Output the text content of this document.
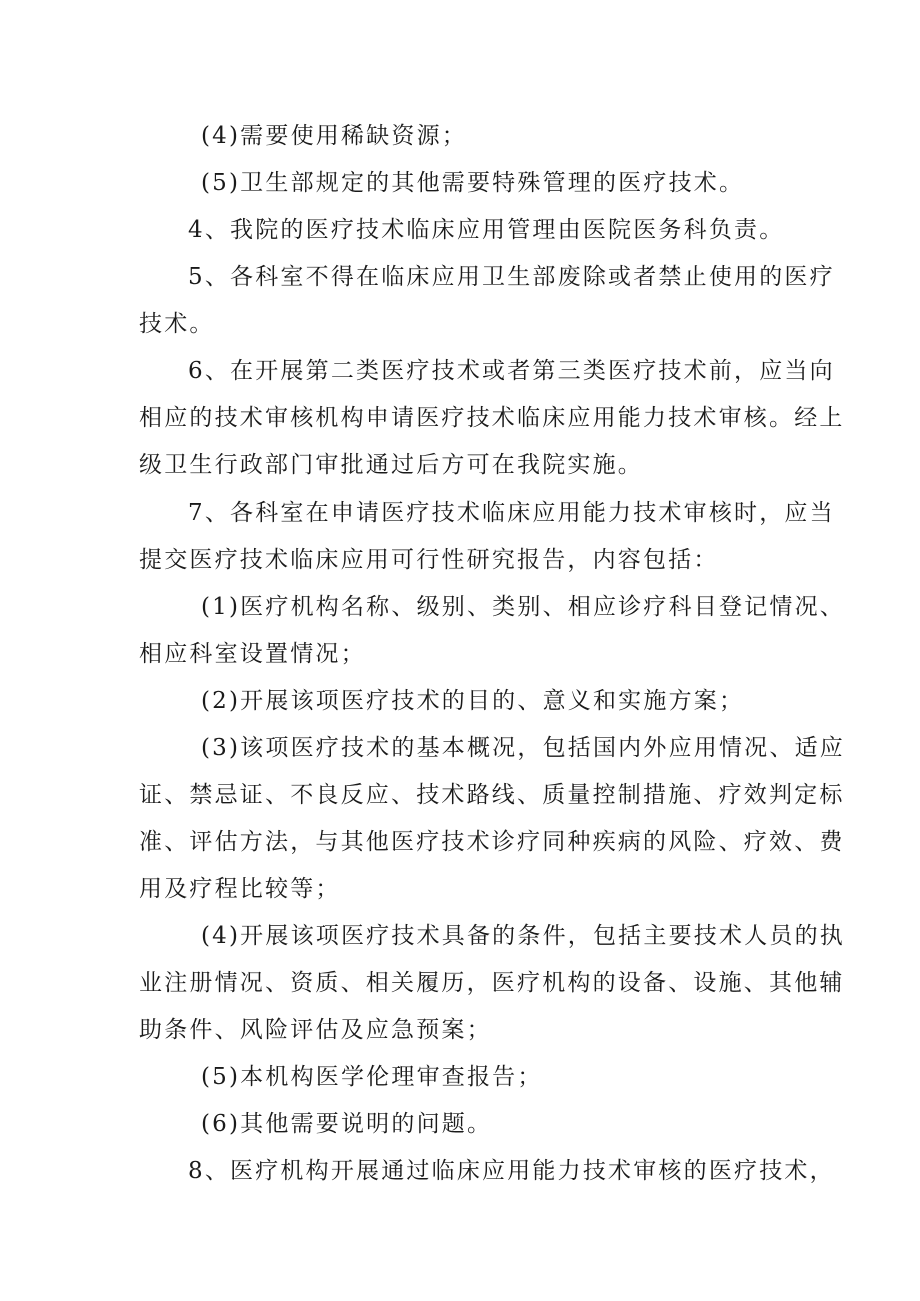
(4)需要使用稀缺资源；
(5)卫生部规定的其他需要特殊管理的医疗技术。
4、我院的医疗技术临床应用管理由医院医务科负责。
5、各科室不得在临床应用卫生部废除或者禁止使用的医疗
技术。
6、在开展第二类医疗技术或者第三类医疗技术前，应当向
相应的技术审核机构申请医疗技术临床应用能力技术审核。经上
级卫生行政部门审批通过后方可在我院实施。
7、各科室在申请医疗技术临床应用能力技术审核时，应当
提交医疗技术临床应用可行性研究报告，内容包括：
(1)医疗机构名称、级别、类别、相应诊疗科目登记情况、
相应科室设置情况；
(2)开展该项医疗技术的目的、意义和实施方案；
(3)该项医疗技术的基本概况，包括国内外应用情况、适应
证、禁忌证、不良反应、技术路线、质量控制措施、疗效判定标
准、评估方法，与其他医疗技术诊疗同种疾病的风险、疗效、费
用及疗程比较等；
(4)开展该项医疗技术具备的条件，包括主要技术人员的执
业注册情况、资质、相关履历，医疗机构的设备、设施、其他辅
助条件、风险评估及应急预案；
(5)本机构医学伦理审查报告；
(6)其他需要说明的问题。
8、医疗机构开展通过临床应用能力技术审核的医疗技术，
